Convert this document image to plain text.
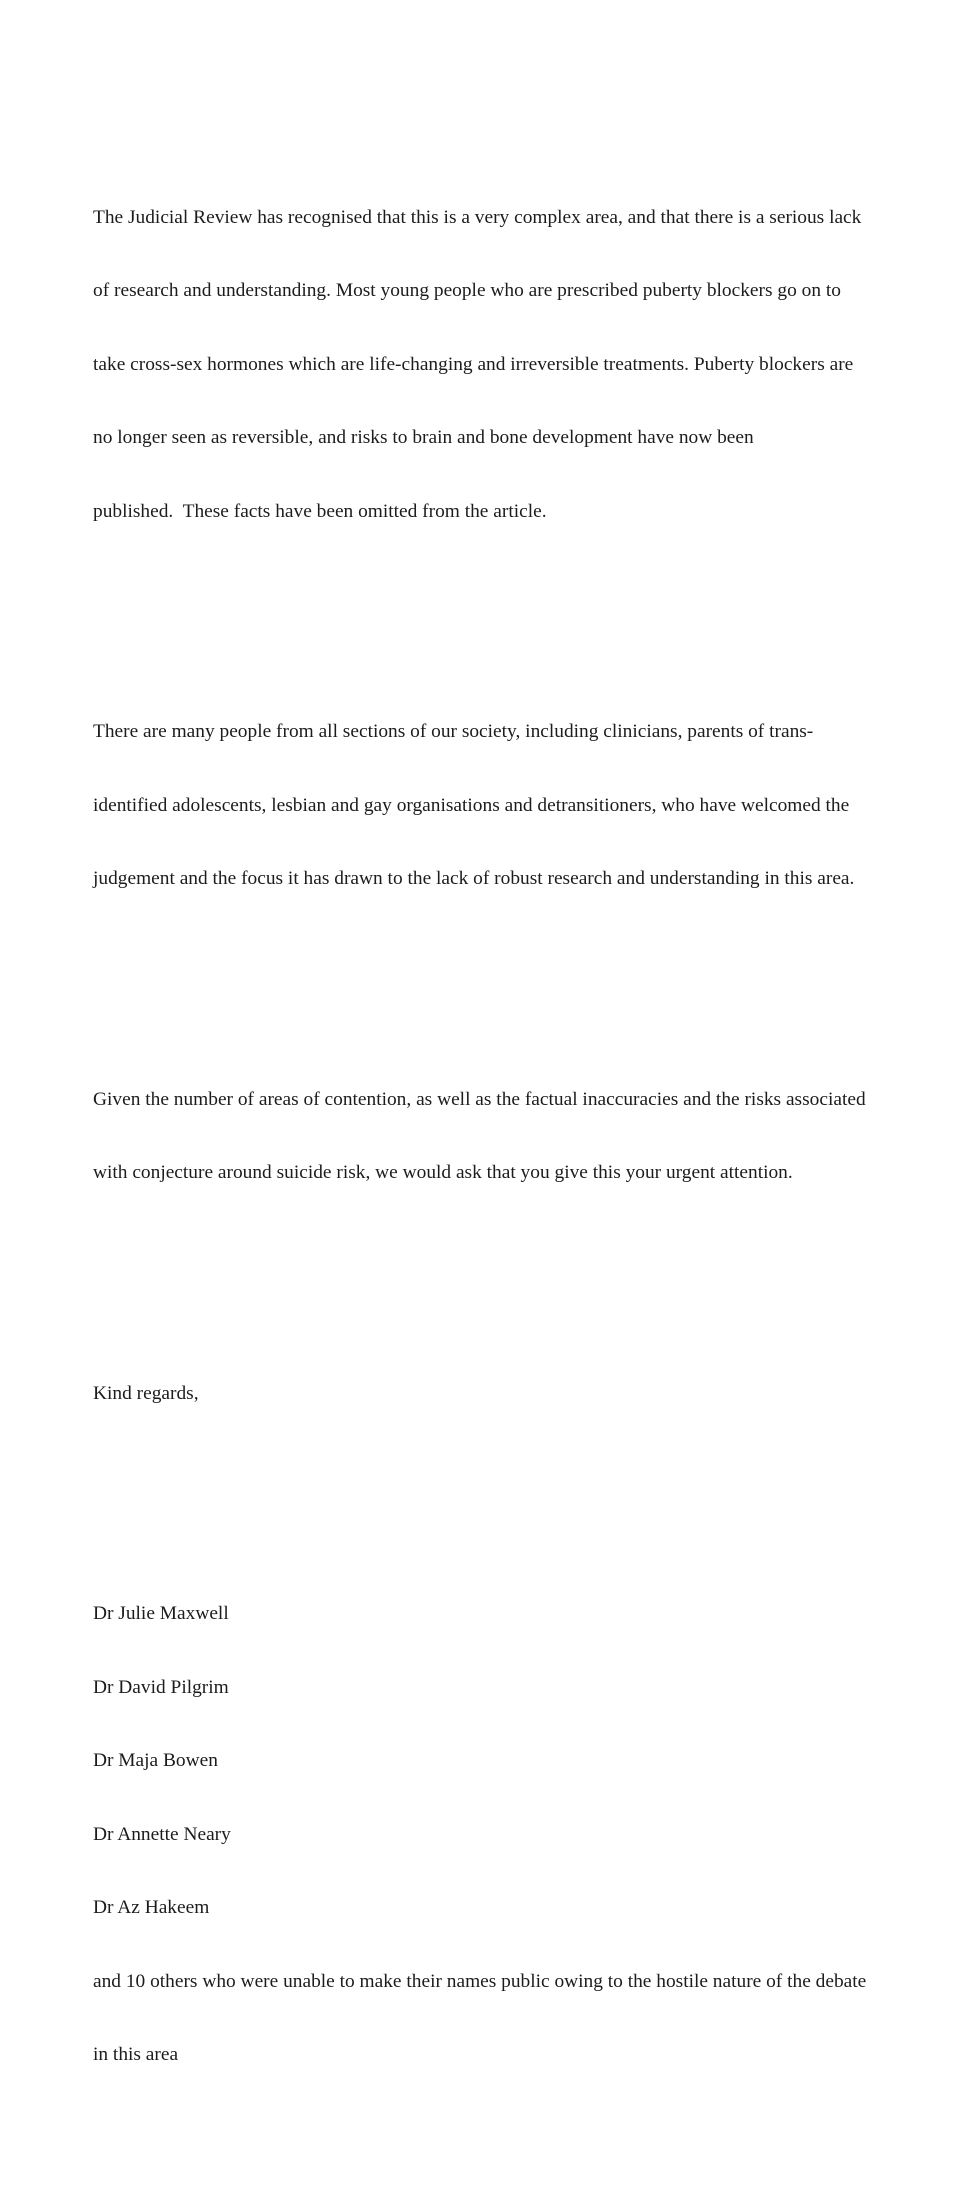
The Judicial Review has recognised that this is a very complex area, and that there is a serious lack

of research and understanding. Most young people who are prescribed puberty blockers go on to

take cross-sex hormones which are life-changing and irreversible treatments. Puberty blockers are

no longer seen as reversible, and risks to brain and bone development have now been

published.  These facts have been omitted from the article.

There are many people from all sections of our society, including clinicians, parents of trans-

identified adolescents, lesbian and gay organisations and detransitioners, who have welcomed the

judgement and the focus it has drawn to the lack of robust research and understanding in this area.

Given the number of areas of contention, as well as the factual inaccuracies and the risks associated

with conjecture around suicide risk, we would ask that you give this your urgent attention.

Kind regards,

Dr Julie Maxwell

Dr David Pilgrim

Dr Maja Bowen

Dr Annette Neary

Dr Az Hakeem

and 10 others who were unable to make their names public owing to the hostile nature of the debate

in this area
